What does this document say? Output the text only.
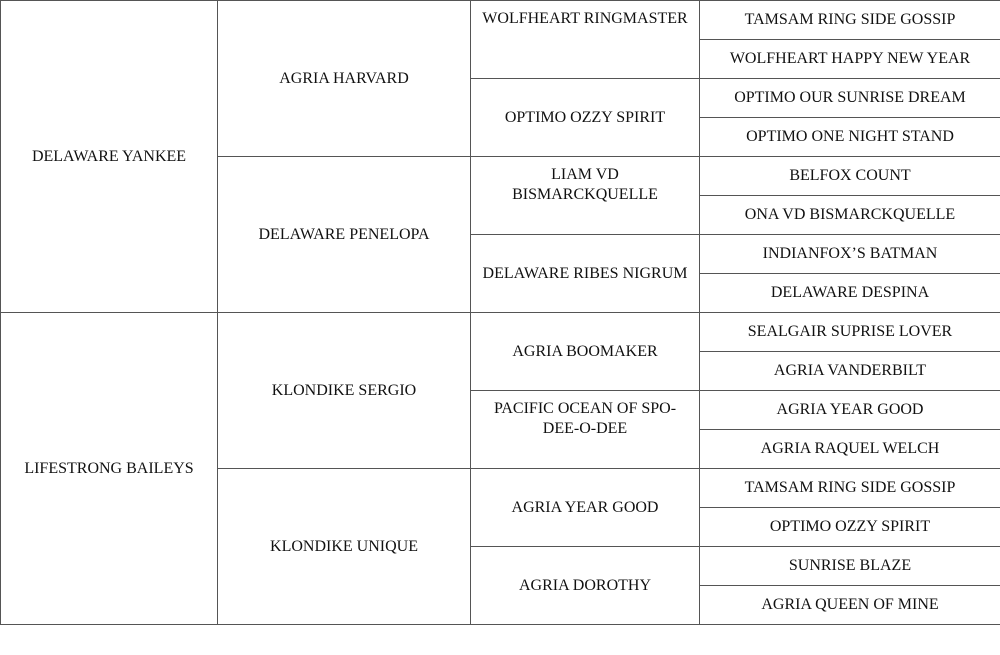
DELAWARE YANKEE	AGRIA HARVARD	WOLFHEART RINGMASTER	TAMSAM RING SIDE GOSSIP
			WOLFHEART HAPPY NEW YEAR
		OPTIMO OZZY SPIRIT	OPTIMO OUR SUNRISE DREAM
			OPTIMO ONE NIGHT STAND
	DELAWARE PENELOPA	LIAM VD BISMARCKQUELLE	BELFOX COUNT
			ONA VD BISMARCKQUELLE
		DELAWARE RIBES NIGRUM	INDIANFOX’S BATMAN
			DELAWARE DESPINA
LIFESTRONG BAILEYS	KLONDIKE SERGIO	AGRIA BOOMAKER	SEALGAIR SUPRISE LOVER
			AGRIA VANDERBILT
		PACIFIC OCEAN OF SPO-DEE-O-DEE	AGRIA YEAR GOOD
			AGRIA RAQUEL WELCH
	KLONDIKE UNIQUE	AGRIA YEAR GOOD	TAMSAM RING SIDE GOSSIP
			OPTIMO OZZY SPIRIT
		AGRIA DOROTHY	SUNRISE BLAZE
			AGRIA QUEEN OF MINE
